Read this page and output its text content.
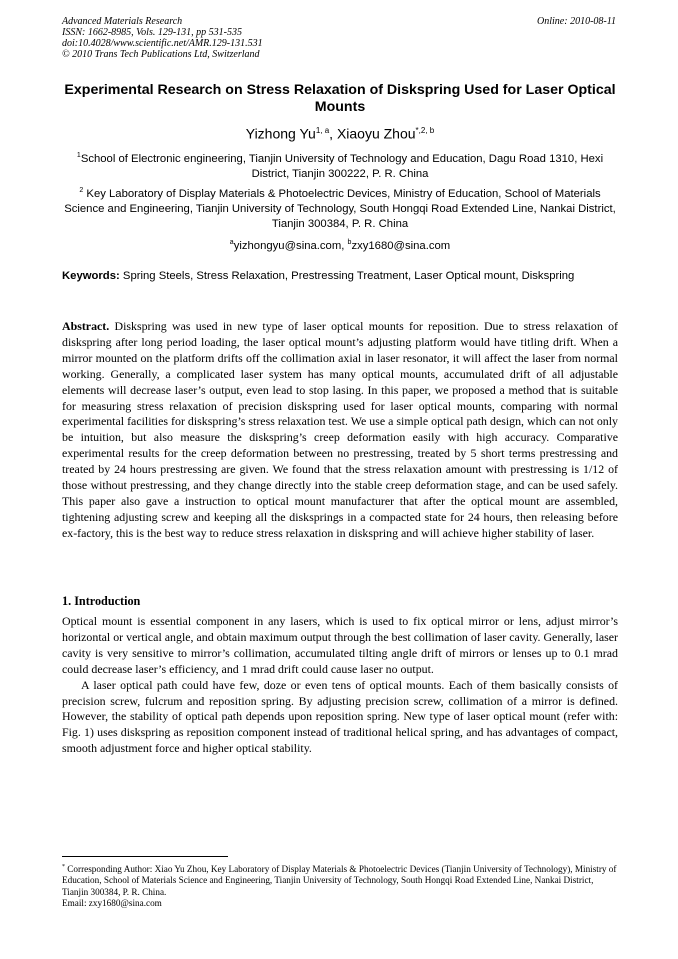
Advanced Materials Research
ISSN: 1662-8985, Vols. 129-131, pp 531-535
doi:10.4028/www.scientific.net/AMR.129-131.531
© 2010 Trans Tech Publications Ltd, Switzerland
Online: 2010-08-11
Experimental Research on Stress Relaxation of Diskspring Used for Laser Optical Mounts
Yizhong Yu$^{1, a}$, Xiaoyu Zhou$^{*,2, b}$
$^1$School of Electronic engineering, Tianjin University of Technology and Education, Dagu Road 1310, Hexi District, Tianjin 300222, P. R. China
$^2$ Key Laboratory of Display Materials & Photoelectric Devices, Ministry of Education, School of Materials Science and Engineering, Tianjin University of Technology, South Hongqi Road Extended Line, Nankai District, Tianjin 300384, P. R. China
$^a$yizhongyu@sina.com, $^b$zxy1680@sina.com
Keywords: Spring Steels, Stress Relaxation, Prestressing Treatment, Laser Optical mount, Diskspring
Abstract. Diskspring was used in new type of laser optical mounts for reposition. Due to stress relaxation of diskspring after long period loading, the laser optical mount’s adjusting platform would have titling drift. When a mirror mounted on the platform drifts off the collimation axial in laser resonator, it will affect the laser from normal working. Generally, a complicated laser system has many optical mounts, accumulated drift of all adjustable elements will decrease laser’s output, even lead to stop lasing. In this paper, we proposed a method that is suitable for measuring stress relaxation of precision diskspring used for laser optical mounts, comparing with normal experimental facilities for diskspring’s stress relaxation test. We use a simple optical path design, which can not only be intuition, but also measure the diskspring’s creep deformation easily with high accuracy. Comparative experimental results for the creep deformation between no prestressing, treated by 5 short terms prestressing and treated by 24 hours prestressing are given. We found that the stress relaxation amount with prestressing is 1/12 of those without prestressing, and they change directly into the stable creep deformation stage, and can be used safely. This paper also gave a instruction to optical mount manufacturer that after the optical mount are assembled, tightening adjusting screw and keeping all the disksprings in a compacted state for 24 hours, then releasing before ex-factory, this is the best way to reduce stress relaxation in diskspring and will achieve higher stability of laser.
1. Introduction

Optical mount is essential component in any lasers, which is used to fix optical mirror or lens, adjust mirror’s horizontal or vertical angle, and obtain maximum output through the best collimation of laser cavity. Generally, laser cavity is very sensitive to mirror’s collimation, accumulated tilting angle drift of mirrors or lenses up to 0.1 mrad could decrease laser’s efficiency, and 1 mrad drift could cause laser no output.

A laser optical path could have few, doze or even tens of optical mounts. Each of them basically consists of precision screw, fulcrum and reposition spring. By adjusting precision screw, collimation of a mirror is defined. However, the stability of optical path depends upon reposition spring. New type of laser optical mount (refer with: Fig. 1) uses diskspring as reposition component instead of traditional helical spring, and has advantages of compact, smooth adjustment force and higher optical stability.

* Corresponding Author: Xiao Yu Zhou, Key Laboratory of Display Materials & Photoelectric Devices (Tianjin University of Technology), Ministry of Education, School of Materials Science and Engineering, Tianjin University of Technology, South Hongqi Road Extended Line, Nankai District, Tianjin 300384, P. R. China.
Email: zxy1680@sina.com
